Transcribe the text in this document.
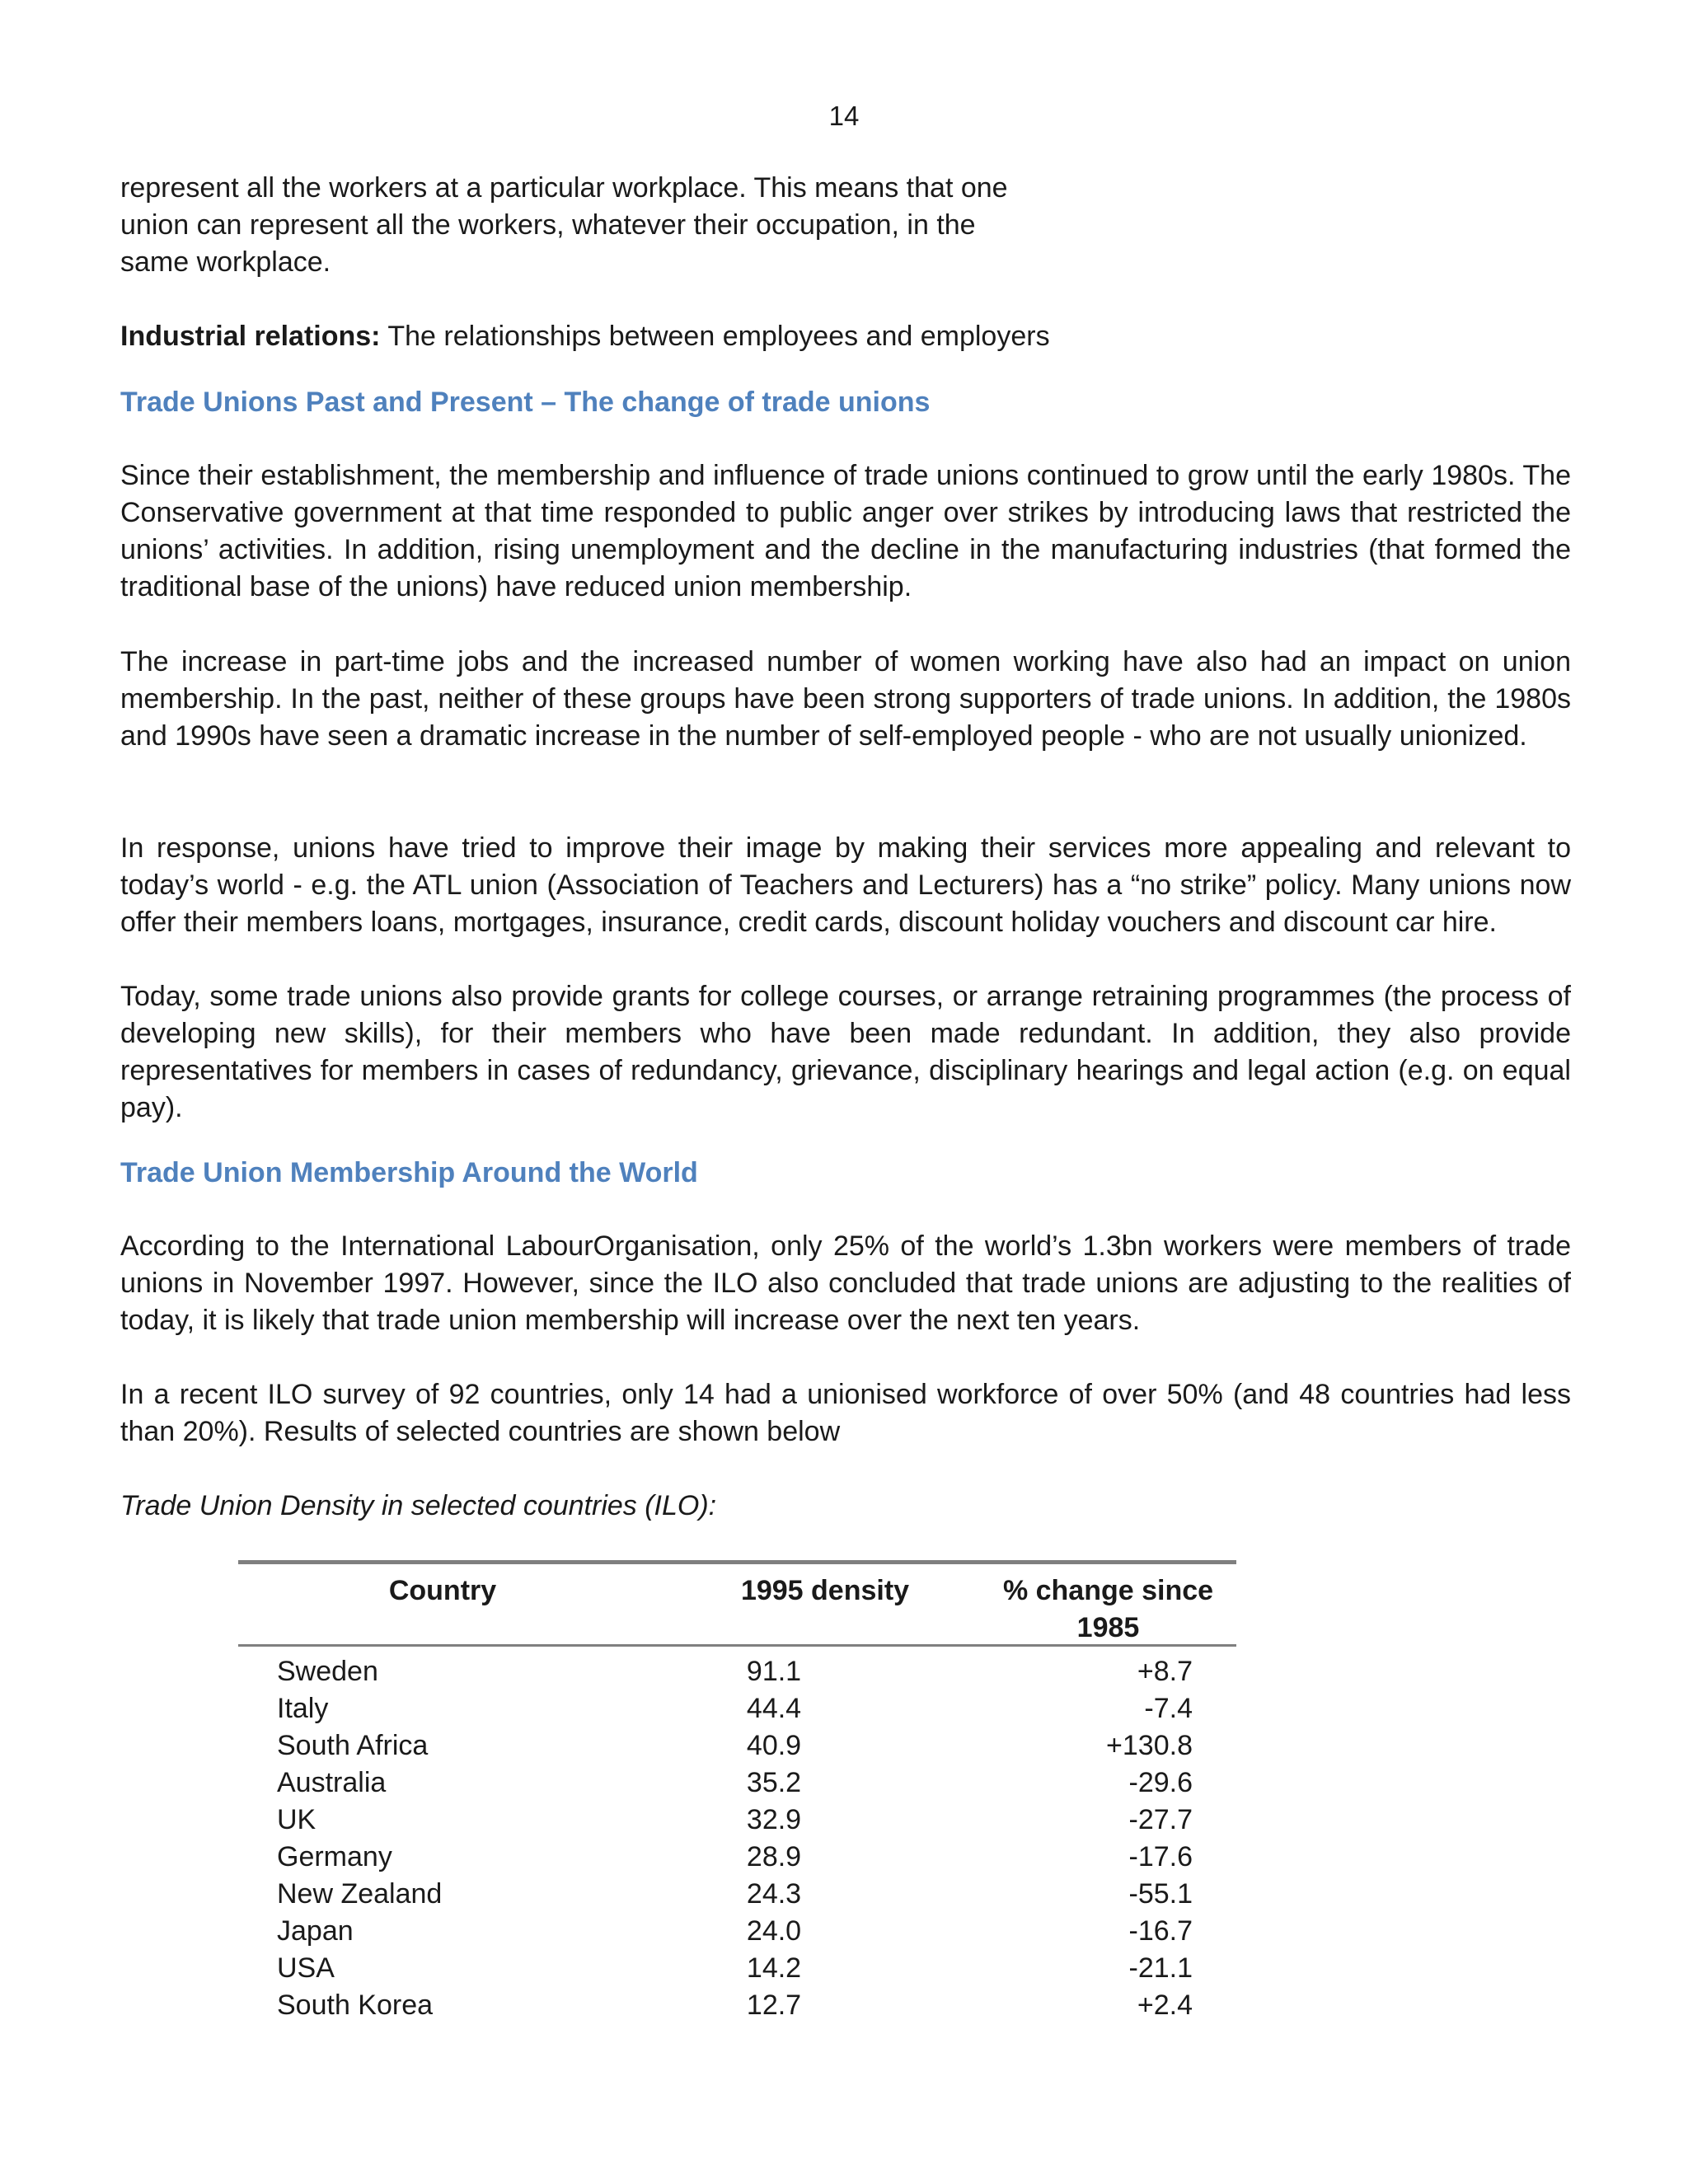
14

represent all the workers at a particular workplace. This means that one union can represent all the workers, whatever their occupation, in the same workplace.

Industrial relations: The relationships between employees and employers

Trade Unions Past and Present – The change of trade unions

Since their establishment, the membership and influence of trade unions continued to grow until the early 1980s. The Conservative government at that time responded to public anger over strikes by introducing laws that restricted the unions’ activities. In addition, rising unemployment and the decline in the manufacturing industries (that formed the traditional base of the unions) have reduced union membership.

The increase in part-time jobs and the increased number of women working have also had an impact on union membership. In the past, neither of these groups have been strong supporters of trade unions. In addition, the 1980s and 1990s have seen a dramatic increase in the number of self-employed people - who are not usually unionized.

In response, unions have tried to improve their image by making their services more appealing and relevant to today’s world - e.g. the ATL union (Association of Teachers and Lecturers) has a “no strike” policy. Many unions now offer their members loans, mortgages, insurance, credit cards, discount holiday vouchers and discount car hire.

Today, some trade unions also provide grants for college courses, or arrange retraining programmes (the process of developing new skills), for their members who have been made redundant. In addition, they also provide representatives for members in cases of redundancy, grievance, disciplinary hearings and legal action (e.g. on equal pay).

Trade Union Membership Around the World

According to the International LabourOrganisation, only 25% of the world’s 1.3bn workers were members of trade unions in November 1997. However, since the ILO also concluded that trade unions are adjusting to the realities of today, it is likely that trade union membership will increase over the next ten years.

In a recent ILO survey of 92 countries, only 14 had a unionised workforce of over 50% (and 48 countries had less than 20%). Results of selected countries are shown below

Trade Union Density in selected countries (ILO):

Country	1995 density	% change since 1985
Sweden	91.1	+8.7
Italy	44.4	-7.4
South Africa	40.9	+130.8
Australia	35.2	-29.6
UK	32.9	-27.7
Germany	28.9	-17.6
New Zealand	24.3	-55.1
Japan	24.0	-16.7
USA	14.2	-21.1
South Korea	12.7	+2.4
